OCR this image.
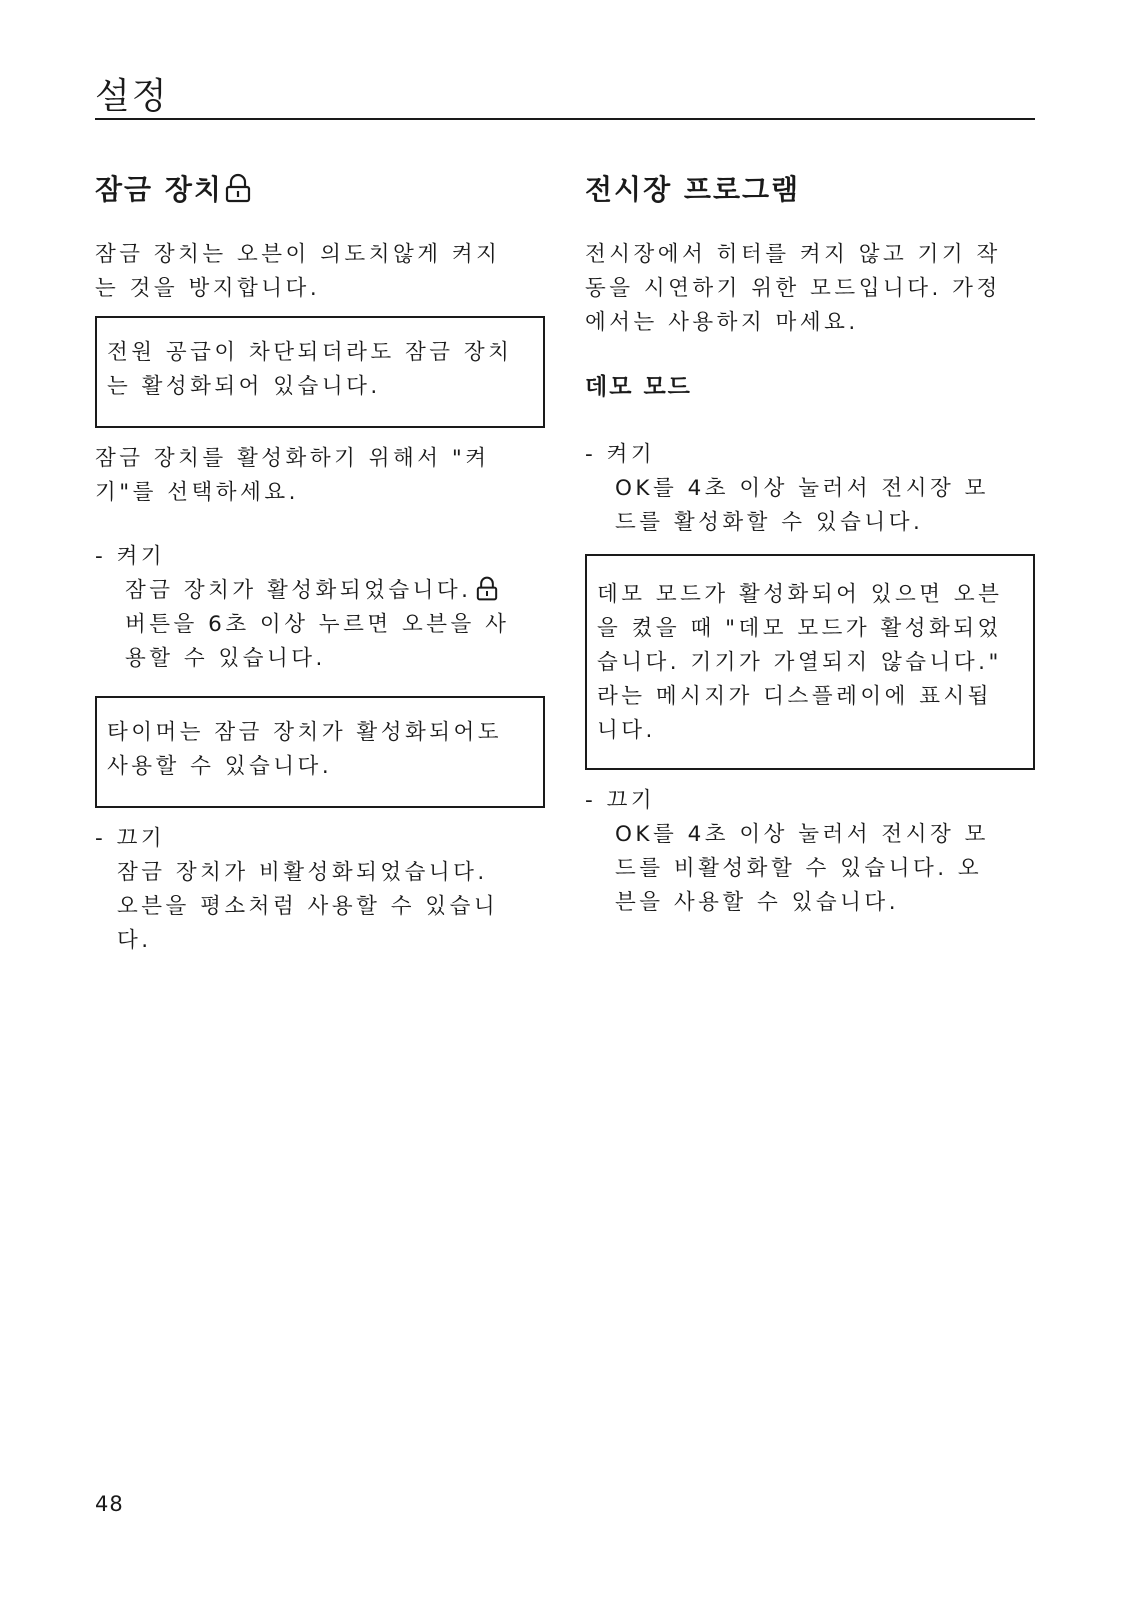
설정
잠금 장치

잠금 장치는 오븐이 의도치않게 켜지
는 것을 방지합니다.

전원 공급이 차단되더라도 잠금 장치
는 활성화되어 있습니다.

잠금 장치를 활성화하기 위해서 "켜
기"를 선택하세요.

- 켜기

잠금 장치가 활성화되었습니다.

버튼을 6초 이상 누르면 오븐을 사
용할 수 있습니다.

타이머는 잠금 장치가 활성화되어도
사용할 수 있습니다.

- 끄기

잠금 장치가 비활성화되었습니다.
오븐을 평소처럼 사용할 수 있습니
다.

전시장 프로그램

전시장에서 히터를 켜지 않고 기기 작
동을 시연하기 위한 모드입니다. 가정
에서는 사용하지 마세요.

데모 모드

- 켜기

OK를 4초 이상 눌러서 전시장 모
드를 활성화할 수 있습니다.

데모 모드가 활성화되어 있으면 오븐
을 켰을 때 "데모 모드가 활성화되었
습니다. 기기가 가열되지 않습니다."
라는 메시지가 디스플레이에 표시됩
니다.

- 끄기

OK를 4초 이상 눌러서 전시장 모
드를 비활성화할 수 있습니다. 오
븐을 사용할 수 있습니다.

48
